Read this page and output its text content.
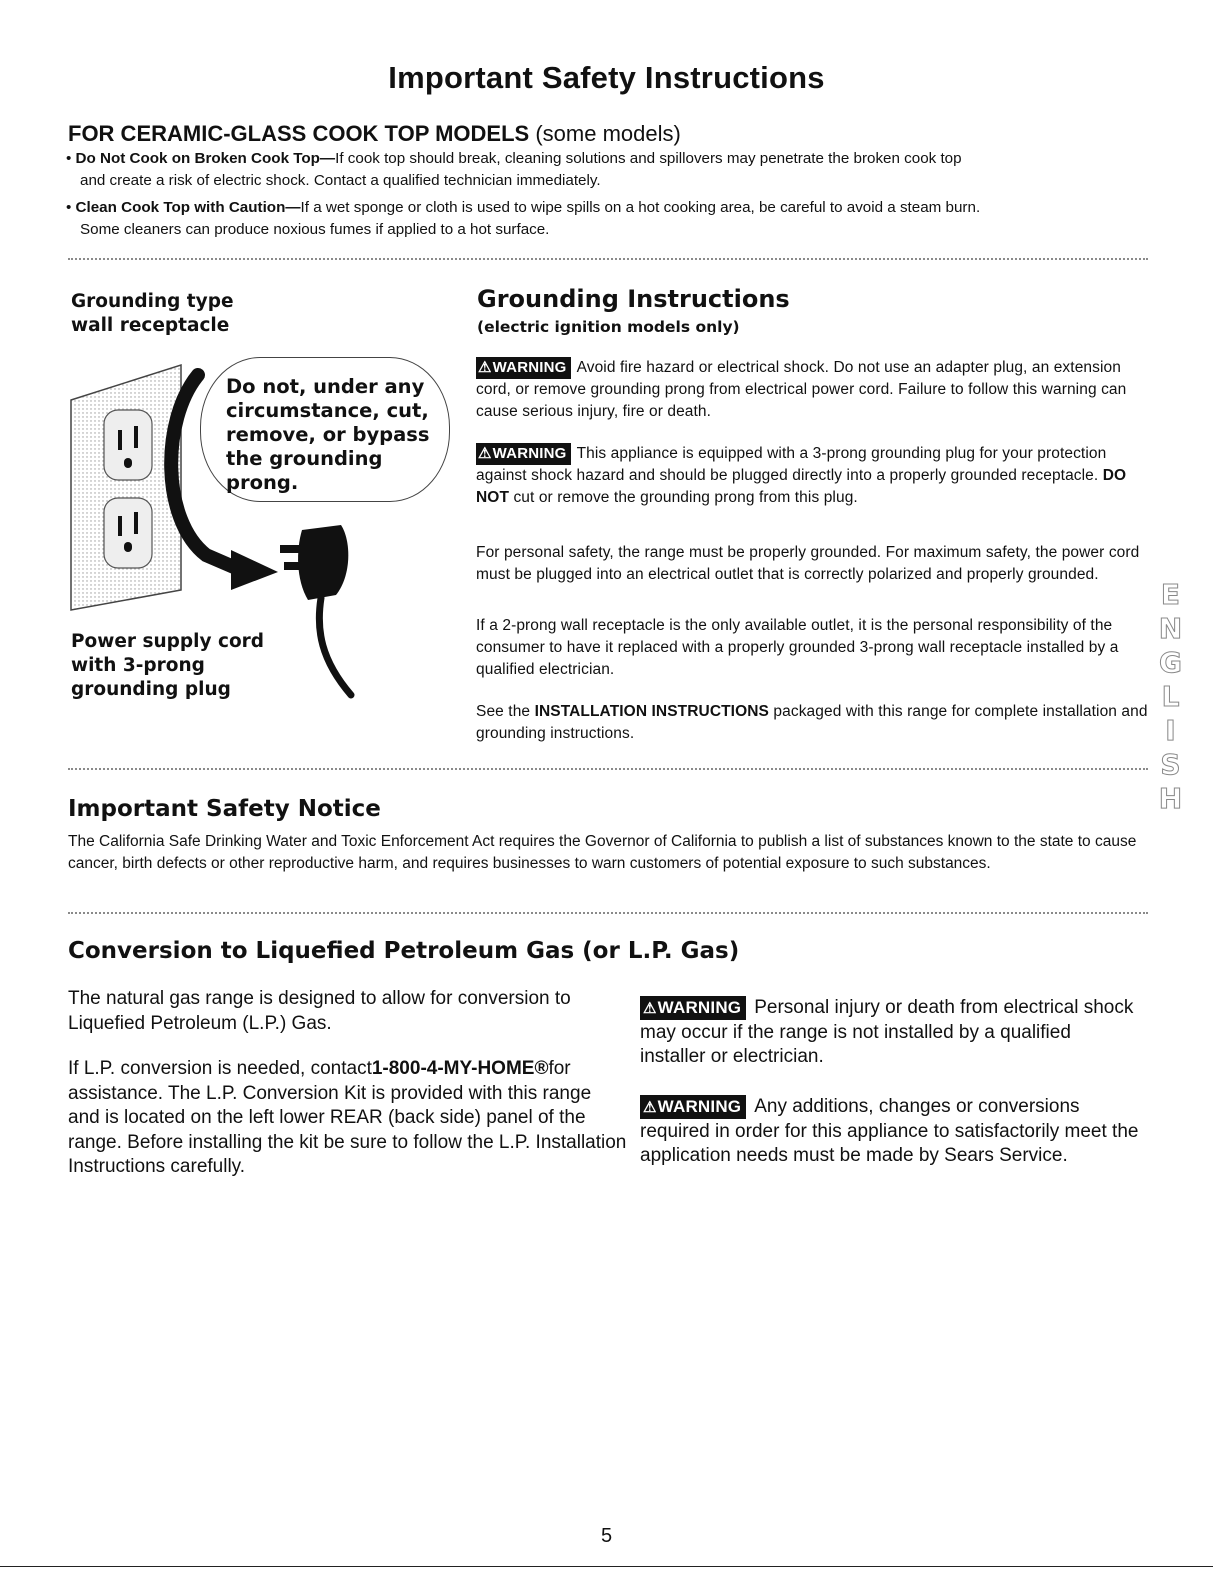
Important Safety Instructions
FOR CERAMIC-GLASS COOK TOP MODELS (some models)
• Do Not Cook on Broken Cook Top—If cook top should break, cleaning solutions and spillovers may penetrate the broken cook top
and create a risk of electric shock. Contact a qualified technician immediately.
• Clean Cook Top with Caution—If a wet sponge or cloth is used to wipe spills on a hot cooking area, be careful to avoid a steam burn.
Some cleaners can produce noxious fumes if applied to a hot surface.
Grounding type
wall receptacle
Do not, under any circumstance, cut, remove, or bypass the grounding prong.
Power supply cord
with 3-prong
grounding plug
Grounding Instructions
(electric ignition models only)
⚠WARNING Avoid fire hazard or electrical shock. Do not use an adapter plug, an extension cord, or remove grounding prong from electrical power cord. Failure to follow this warning can cause serious injury, fire or death.
⚠WARNING This appliance is equipped with a 3-prong grounding plug for your protection against shock hazard and should be plugged directly into a properly grounded receptacle. DO NOT cut or remove the grounding prong from this plug.
For personal safety, the range must be properly grounded. For maximum safety, the power cord must be plugged into an electrical outlet that is correctly polarized and properly grounded.
If a 2-prong wall receptacle is the only available outlet, it is the personal responsibility of the consumer to have it replaced with a properly grounded 3-prong wall receptacle installed by a qualified electrician.
See the INSTALLATION INSTRUCTIONS packaged with this range for complete installation and grounding instructions.	ENGLISH
Important Safety Notice
The California Safe Drinking Water and Toxic Enforcement Act requires the Governor of California to publish a list of substances known to the state to cause cancer, birth defects or other reproductive harm, and requires businesses to warn customers of potential exposure to such substances.
Conversion to Liquefied Petroleum Gas (or L.P. Gas)
The natural gas range is designed to allow for conversion to Liquefied Petroleum (L.P.) Gas.
If L.P. conversion is needed, contact1-800-4-MY-HOME®for assistance. The L.P. Conversion Kit is provided with this range and is located on the left lower REAR (back side) panel of the range. Before installing the kit be sure to follow the L.P. Installation Instructions carefully.
⚠WARNING Personal injury or death from electrical shock may occur if the range is not installed by a qualified installer or electrician.
⚠WARNING Any additions, changes or conversions required in order for this appliance to satisfactorily meet the application needs must be made by Sears Service.
5
